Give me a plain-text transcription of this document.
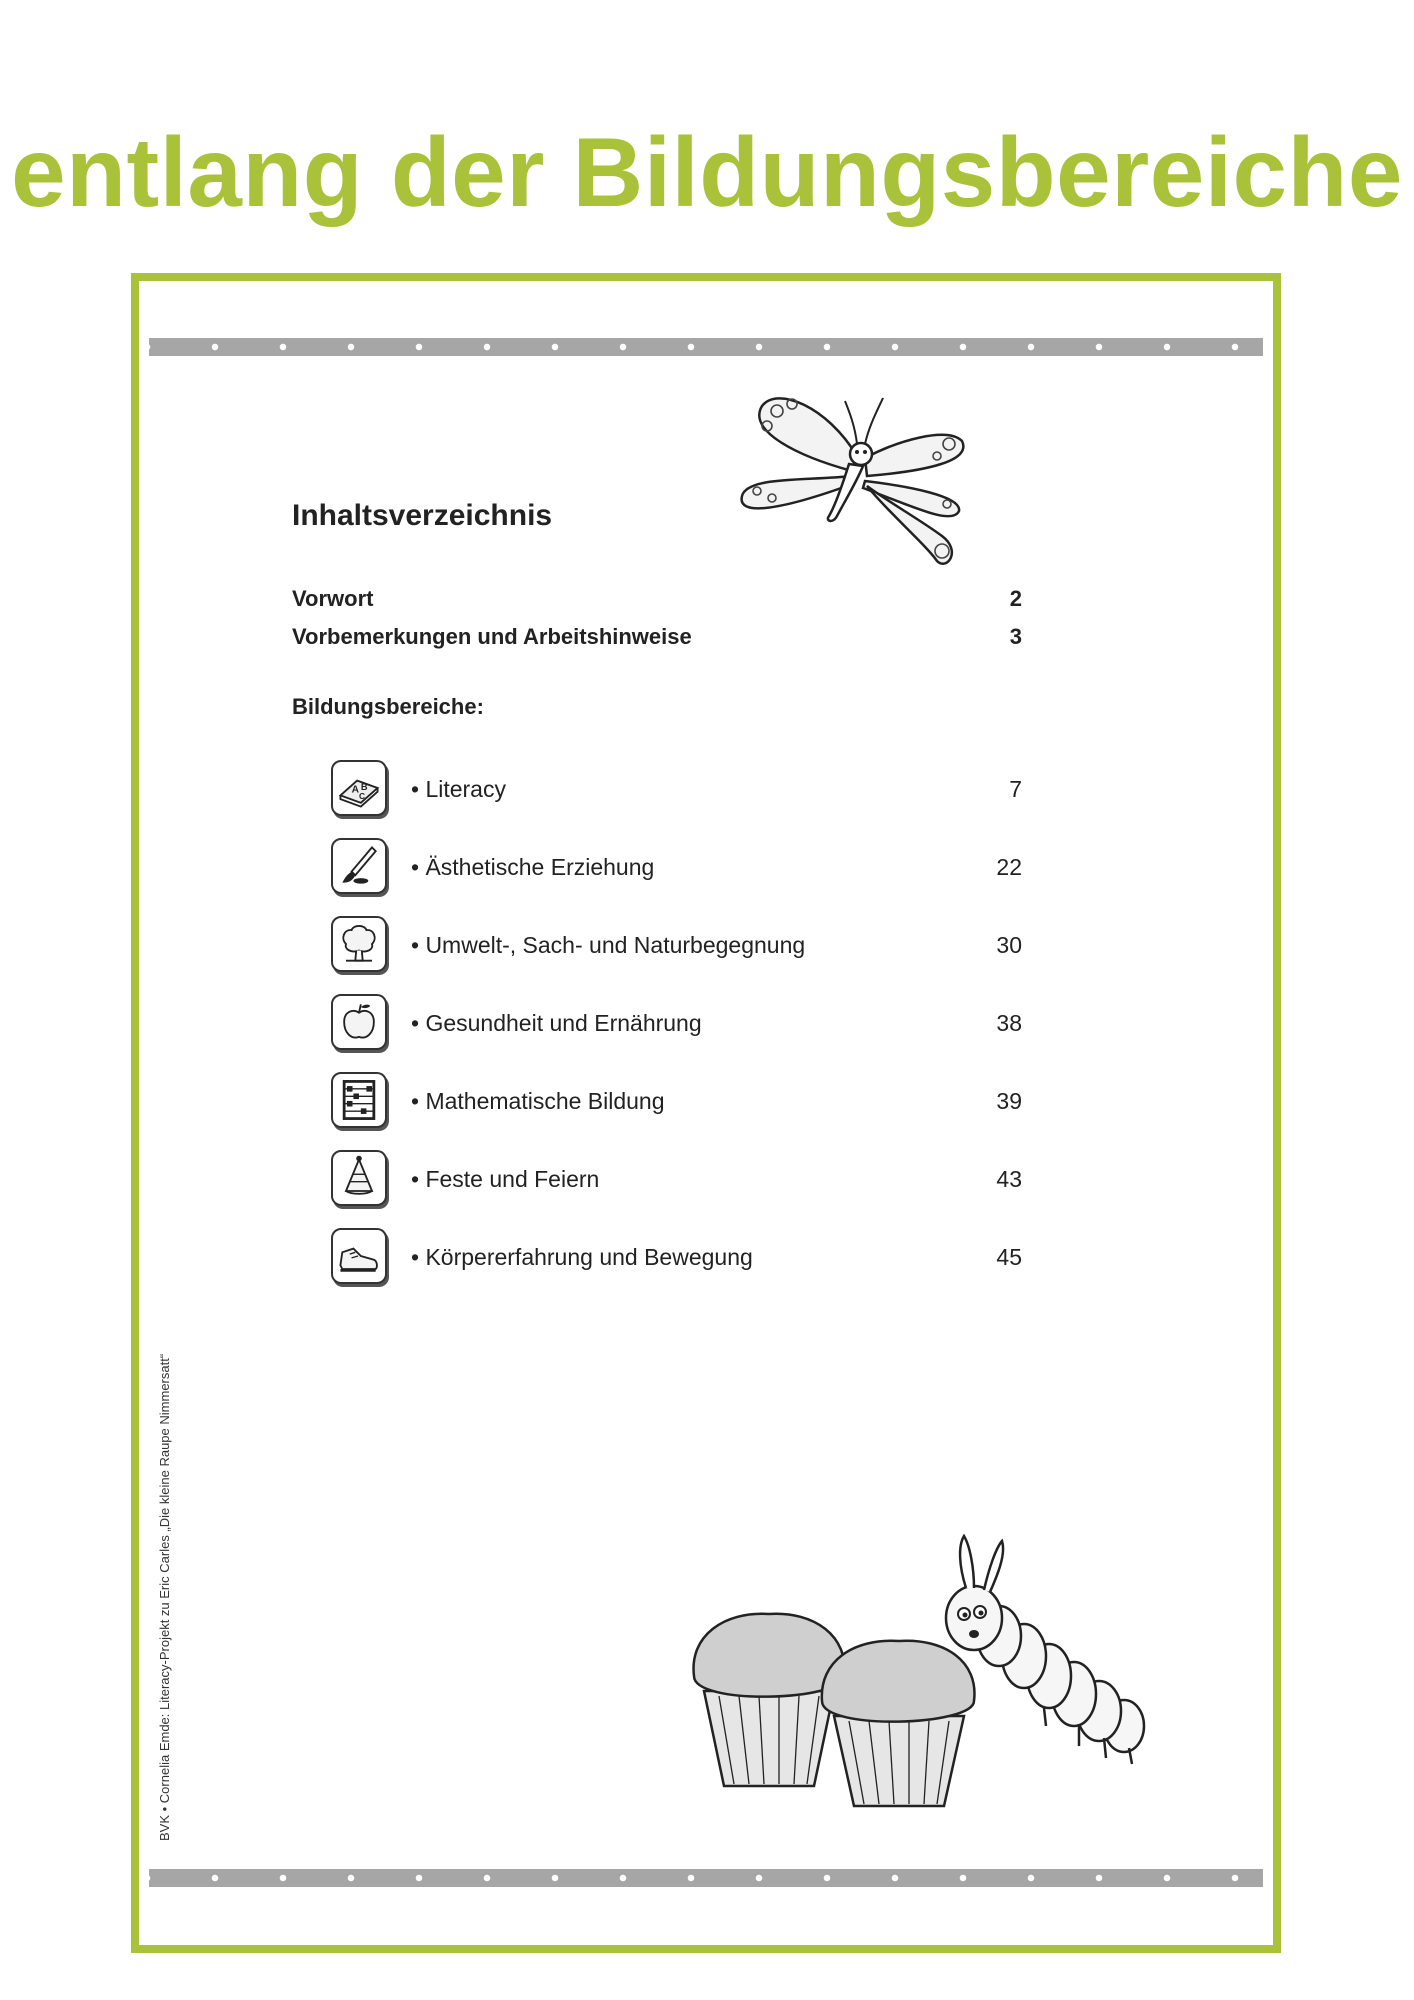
entlang der Bildungsbereiche
BVK • Cornelia Emde: Literacy-Projekt zu Eric Carles „Die kleine Raupe Nimmersatt“
Inhaltsverzeichnis
Vorwort	2
Vorbemerkungen und Arbeitshinweise	3
Bildungsbereiche:
A B
C • Literacy	7
• Ästhetische Erziehung	22
• Umwelt-, Sach- und Naturbegegnung	30
• Gesundheit und Ernährung	38
• Mathematische Bildung	39
• Feste und Feiern	43
• Körpererfahrung und Bewegung	45
